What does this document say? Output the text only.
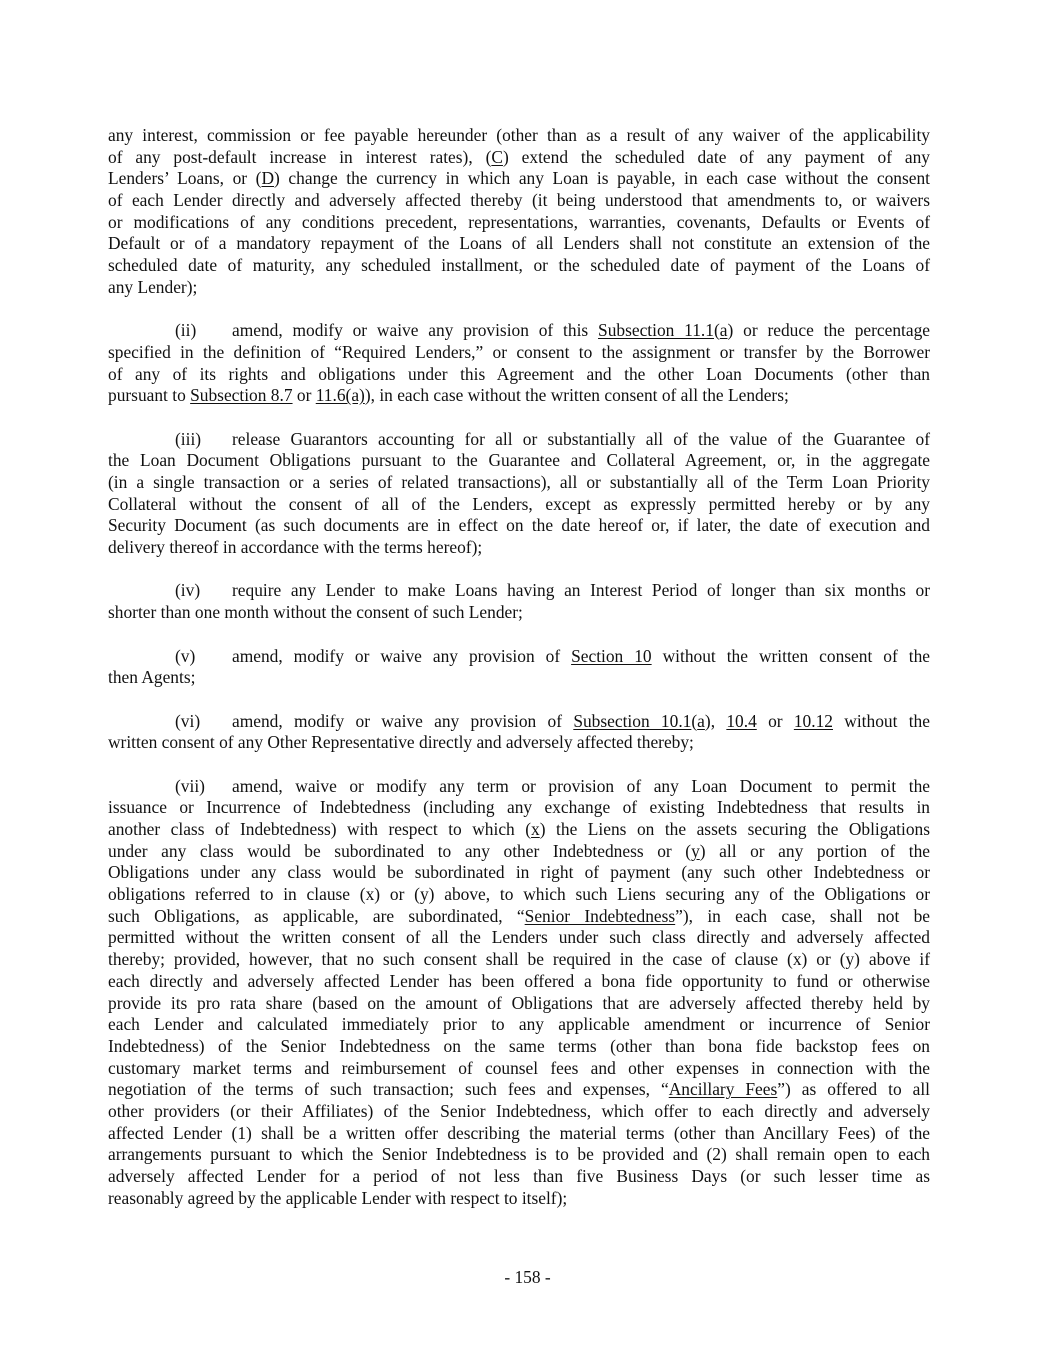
any interest, commission or fee payable hereunder (other than as a result of any waiver of the applicability
of any post-default increase in interest rates), (C) extend the scheduled date of any payment of any
Lenders’ Loans, or (D) change the currency in which any Loan is payable, in each case without the consent
of each Lender directly and adversely affected thereby (it being understood that amendments to, or waivers
or modifications of any conditions precedent, representations, warranties, covenants, Defaults or Events of
Default or of a mandatory repayment of the Loans of all Lenders shall not constitute an extension of the
scheduled date of maturity, any scheduled installment, or the scheduled date of payment of the Loans of
any Lender);
(ii) amend, modify or waive any provision of this Subsection 11.1(a) or reduce the percentage
specified in the definition of “Required Lenders,” or consent to the assignment or transfer by the Borrower
of any of its rights and obligations under this Agreement and the other Loan Documents (other than
pursuant to Subsection 8.7 or 11.6(a)), in each case without the written consent of all the Lenders;
(iii) release Guarantors accounting for all or substantially all of the value of the Guarantee of
the Loan Document Obligations pursuant to the Guarantee and Collateral Agreement, or, in the aggregate
(in a single transaction or a series of related transactions), all or substantially all of the Term Loan Priority
Collateral without the consent of all of the Lenders, except as expressly permitted hereby or by any
Security Document (as such documents are in effect on the date hereof or, if later, the date of execution and
delivery thereof in accordance with the terms hereof);
(iv) require any Lender to make Loans having an Interest Period of longer than six months or
shorter than one month without the consent of such Lender;
(v) amend, modify or waive any provision of Section 10 without the written consent of the
then Agents;
(vi) amend, modify or waive any provision of Subsection 10.1(a), 10.4 or 10.12 without the
written consent of any Other Representative directly and adversely affected thereby;
(vii) amend, waive or modify any term or provision of any Loan Document to permit the
issuance or Incurrence of Indebtedness (including any exchange of existing Indebtedness that results in
another class of Indebtedness) with respect to which (x) the Liens on the assets securing the Obligations
under any class would be subordinated to any other Indebtedness or (y) all or any portion of the
Obligations under any class would be subordinated in right of payment (any such other Indebtedness or
obligations referred to in clause (x) or (y) above, to which such Liens securing any of the Obligations or
such Obligations, as applicable, are subordinated, “Senior Indebtedness”), in each case, shall not be
permitted without the written consent of all the Lenders under such class directly and adversely affected
thereby; provided, however, that no such consent shall be required in the case of clause (x) or (y) above if
each directly and adversely affected Lender has been offered a bona fide opportunity to fund or otherwise
provide its pro rata share (based on the amount of Obligations that are adversely affected thereby held by
each Lender and calculated immediately prior to any applicable amendment or incurrence of Senior
Indebtedness) of the Senior Indebtedness on the same terms (other than bona fide backstop fees on
customary market terms and reimbursement of counsel fees and other expenses in connection with the
negotiation of the terms of such transaction; such fees and expenses, “Ancillary Fees”) as offered to all
other providers (or their Affiliates) of the Senior Indebtedness, which offer to each directly and adversely
affected Lender (1) shall be a written offer describing the material terms (other than Ancillary Fees) of the
arrangements pursuant to which the Senior Indebtedness is to be provided and (2) shall remain open to each
adversely affected Lender for a period of not less than five Business Days (or such lesser time as
reasonably agreed by the applicable Lender with respect to itself);
- 158 -
